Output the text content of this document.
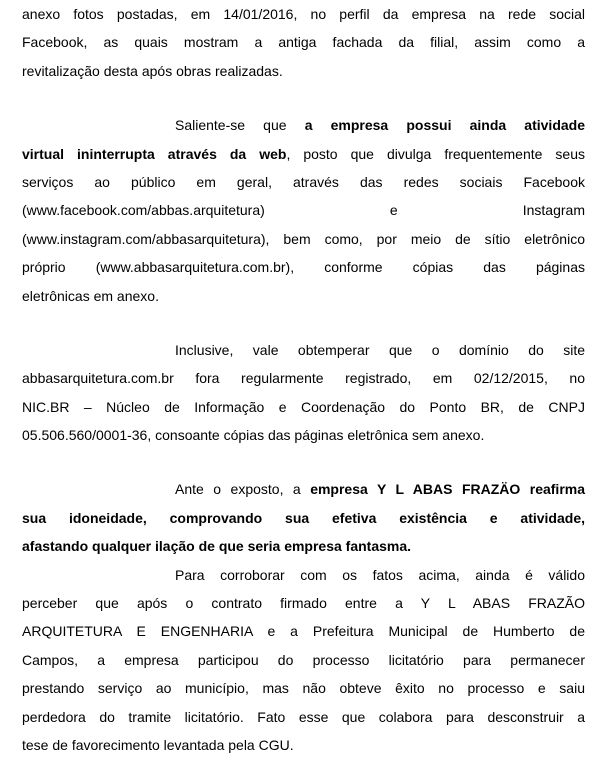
anexo fotos postadas, em 14/01/2016, no perfil da empresa na rede social
Facebook, as quais mostram a antiga fachada da filial, assim como a
revitalização desta após obras realizadas.
Saliente-se que a empresa possui ainda atividade
virtual ininterrupta através da web, posto que divulga frequentemente seus
serviços ao público em geral, através das redes sociais Facebook
(www.facebook.com/abbas.arquitetura) e Instagram
(www.instagram.com/abbasarquitetura), bem como, por meio de sítio eletrônico
próprio (www.abbasarquitetura.com.br), conforme cópias das páginas
eletrônicas em anexo.
Inclusive, vale obtemperar que o domínio do site
abbasarquitetura.com.br fora regularmente registrado, em 02/12/2015, no
NIC.BR – Núcleo de Informação e Coordenação do Ponto BR, de CNPJ
05.506.560/0001-36, consoante cópias das páginas eletrônica sem anexo.
Ante o exposto, a empresa Y L ABAS FRAZÄO reafirma
sua idoneidade, comprovando sua efetiva existência e atividade,
afastando qualquer ilação de que seria empresa fantasma.
Para corroborar com os fatos acima, ainda é válido
perceber que após o contrato firmado entre a Y L ABAS FRAZÃO
ARQUITETURA E ENGENHARIA e a Prefeitura Municipal de Humberto de
Campos, a empresa participou do processo licitatório para permanecer
prestando serviço ao município, mas não obteve êxito no processo e saiu
perdedora do tramite licitatório. Fato esse que colabora para desconstruir a
tese de favorecimento levantada pela CGU.
